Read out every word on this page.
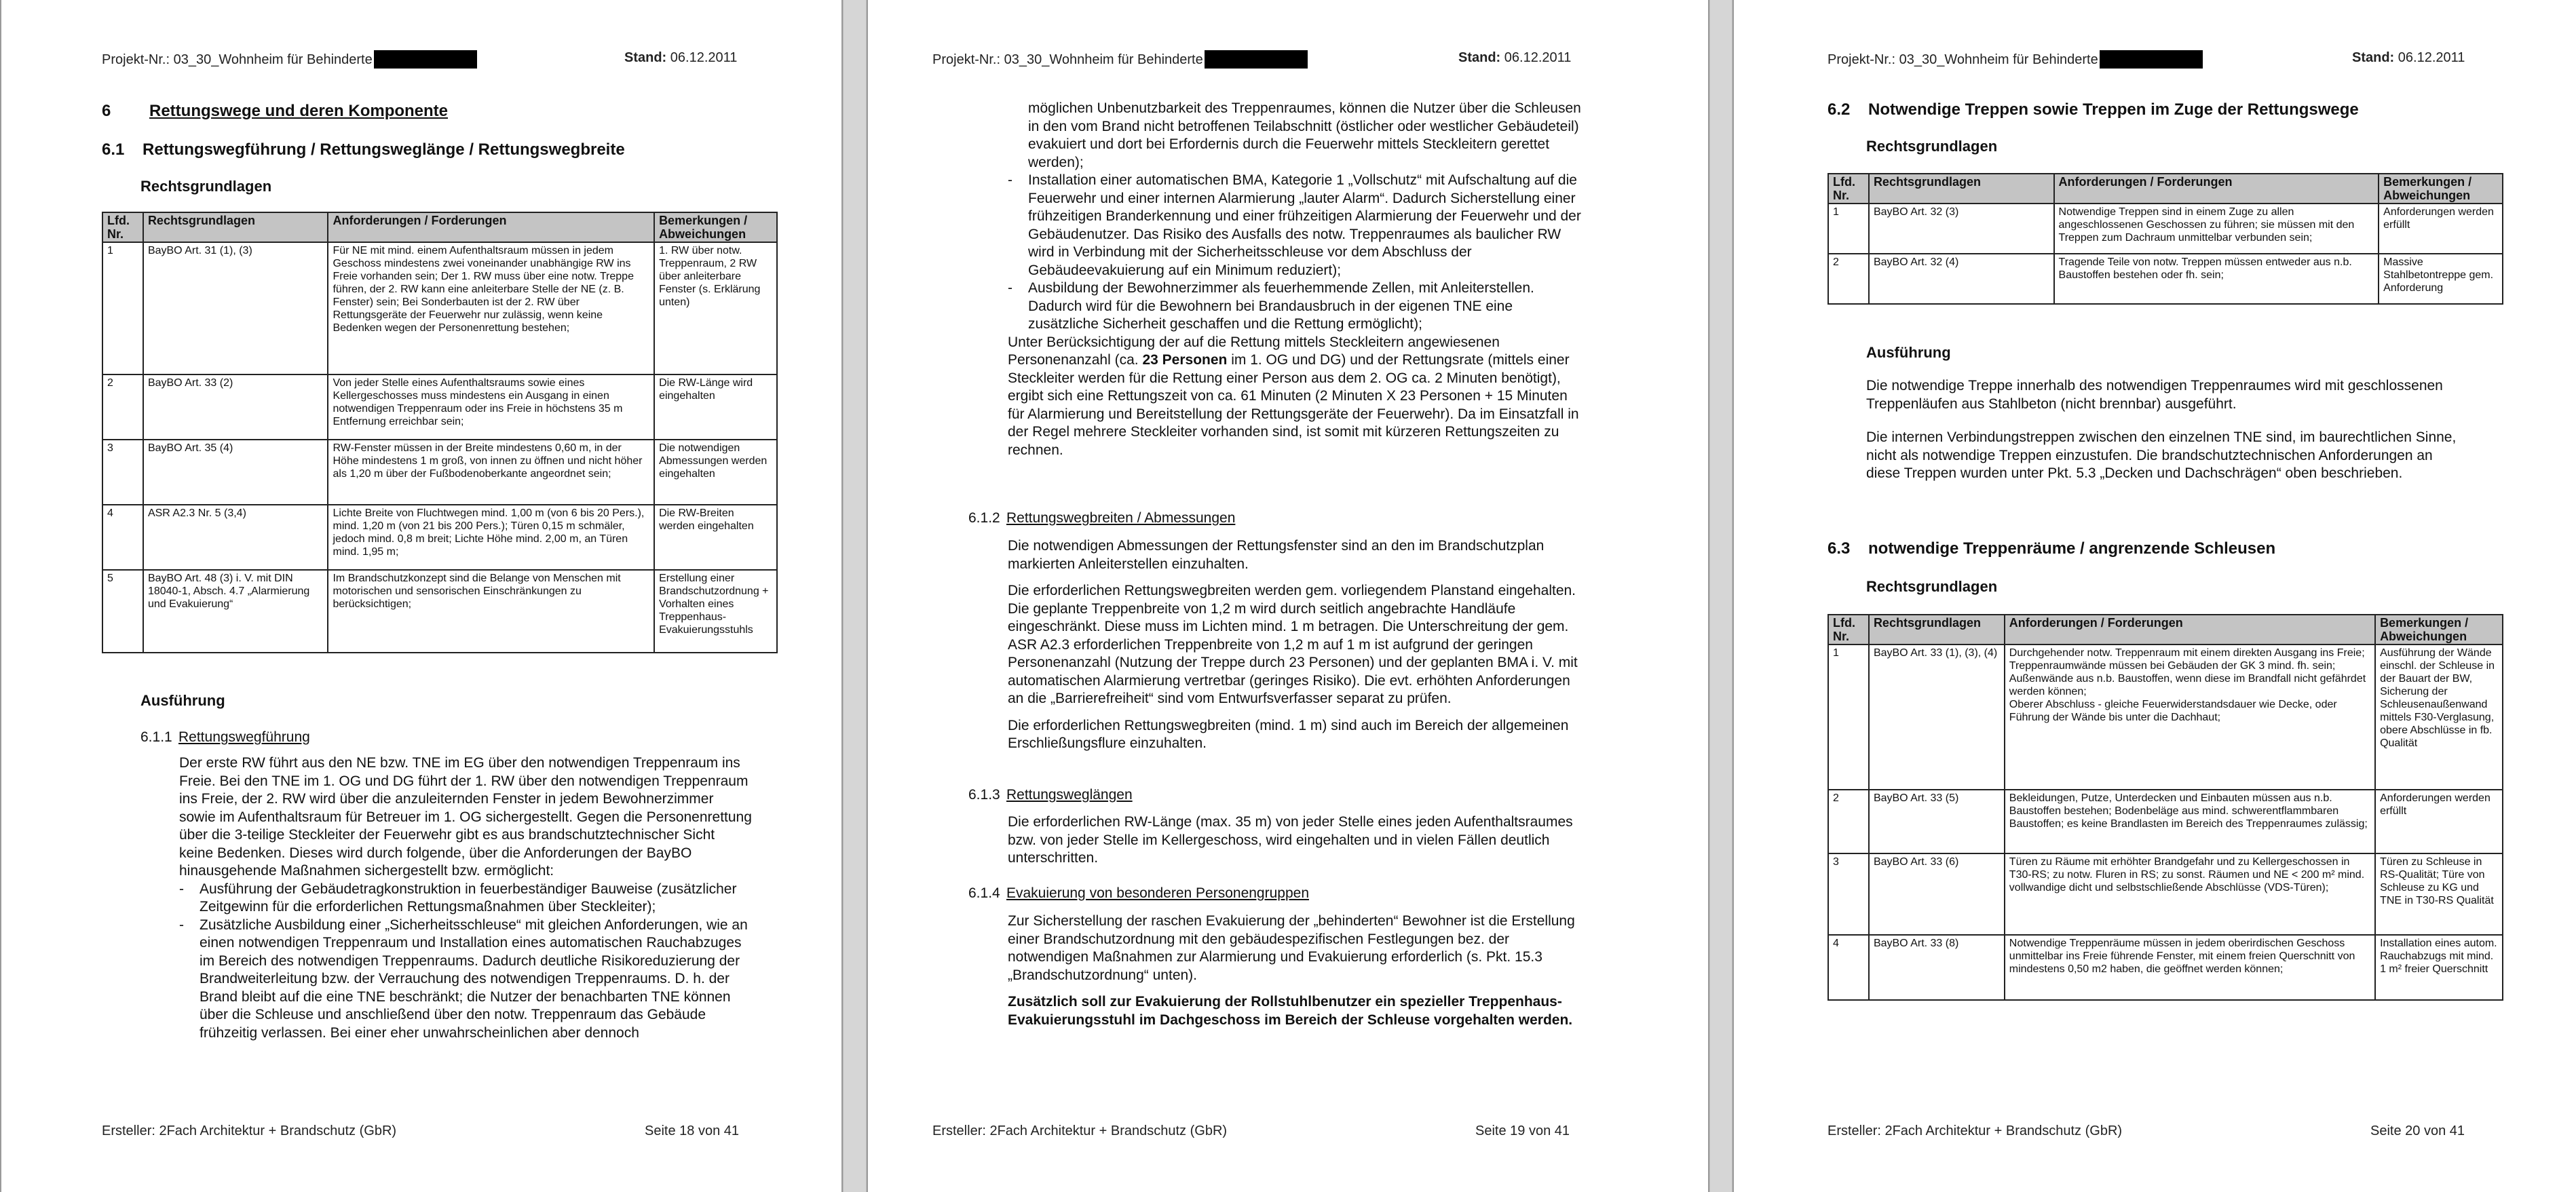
Projekt-Nr.: 03_30_Wohnheim für Behinderte	Stand: 06.12.2011
6 Rettungswege und deren Komponente
6.1 Rettungswegführung / Rettungsweglänge / Rettungswegbreite
Rechtsgrundlagen
Lfd. Nr.	Rechtsgrundlagen	Anforderungen / Forderungen	Bemerkungen / Abweichungen
1	BayBO Art. 31 (1), (3)	Für NE mit mind. einem Aufenthaltsraum müssen in jedem Geschoss mindestens zwei voneinander unabhängige RW ins Freie vorhanden sein; Der 1. RW muss über eine notw. Treppe führen, der 2. RW kann eine anleiterbare Stelle der NE (z. B. Fenster) sein; Bei Sonderbauten ist der 2. RW über Rettungsgeräte der Feuerwehr nur zulässig, wenn keine Bedenken wegen der Personenrettung bestehen;	1. RW über notw. Treppenraum, 2 RW über anleiterbare Fenster (s. Erklärung unten)
2	BayBO Art. 33 (2)	Von jeder Stelle eines Aufenthaltsraums sowie eines Kellergeschosses muss mindestens ein Ausgang in einen notwendigen Treppenraum oder ins Freie in höchstens 35 m Entfernung erreichbar sein;	Die RW-Länge wird eingehalten
3	BayBO Art. 35 (4)	RW-Fenster müssen in der Breite mindestens 0,60 m, in der Höhe mindestens 1 m groß, von innen zu öffnen und nicht höher als 1,20 m über der Fußbodenoberkante angeordnet sein;	Die notwendigen Abmessungen werden eingehalten
4	ASR A2.3 Nr. 5 (3,4)	Lichte Breite von Fluchtwegen mind. 1,00 m (von 6 bis 20 Pers.), mind. 1,20 m (von 21 bis 200 Pers.); Türen 0,15 m schmäler, jedoch mind. 0,8 m breit; Lichte Höhe mind. 2,00 m, an Türen mind. 1,95 m;	Die RW-Breiten werden eingehalten
5	BayBO Art. 48 (3) i. V. mit DIN 18040-1, Absch. 4.7 „Alarmierung und Evakuierung“	Im Brandschutzkonzept sind die Belange von Menschen mit motorischen und sensorischen Einschränkungen zu berücksichtigen;	Erstellung einer Brandschutzordnung + Vorhalten eines Treppenhaus-Evakuierungsstuhls
Ausführung
6.1.1 Rettungswegführung

Der erste RW führt aus den NE bzw. TNE im EG über den notwendigen Treppenraum ins Freie. Bei den TNE im 1. OG und DG führt der 1. RW über den notwendigen Treppenraum ins Freie, der 2. RW wird über die anzuleiternden Fenster in jedem Bewohnerzimmer sowie im Aufenthaltsraum für Betreuer im 1. OG sichergestellt. Gegen die Personenrettung über die 3-teilige Steckleiter der Feuerwehr gibt es aus brandschutztechnischer Sicht keine Bedenken. Dieses wird durch folgende, über die Anforderungen der BayBO hinausgehende Maßnahmen sichergestellt bzw. ermöglicht:

-	Ausführung der Gebäudetragkonstruktion in feuerbeständiger Bauweise (zusätzlicher Zeitgewinn für die erforderlichen Rettungsmaßnahmen über Steckleiter);
-	Zusätzliche Ausbildung einer „Sicherheitsschleuse“ mit gleichen Anforderungen, wie an einen notwendigen Treppenraum und Installation eines automatischen Rauchabzuges im Bereich des notwendigen Treppenraums. Dadurch deutliche Risikoreduzierung der Brandweiterleitung bzw. der Verrauchung des notwendigen Treppenraums. D. h. der Brand bleibt auf die eine TNE beschränkt; die Nutzer der benachbarten TNE können über die Schleuse und anschließend über den notw. Treppenraum das Gebäude frühzeitig verlassen. Bei einer eher unwahrscheinlichen aber dennoch
Ersteller: 2Fach Architektur + Brandschutz (GbR)	Seite 18 von 41
Projekt-Nr.: 03_30_Wohnheim für Behinderte	Stand: 06.12.2011
möglichen Unbenutzbarkeit des Treppenraumes, können die Nutzer über die Schleusen in den vom Brand nicht betroffenen Teilabschnitt (östlicher oder westlicher Gebäudeteil) evakuiert und dort bei Erfordernis durch die Feuerwehr mittels Steckleitern gerettet werden);
-	Installation einer automatischen BMA, Kategorie 1 „Vollschutz“ mit Aufschaltung auf die Feuerwehr und einer internen Alarmierung „lauter Alarm“. Dadurch Sicherstellung einer frühzeitigen Branderkennung und einer frühzeitigen Alarmierung der Feuerwehr und der Gebäudenutzer. Das Risiko des Ausfalls des notw. Treppenraumes als baulicher RW wird in Verbindung mit der Sicherheitsschleuse vor dem Abschluss der Gebäudeevakuierung auf ein Minimum reduziert);
-	Ausbildung der Bewohnerzimmer als feuerhemmende Zellen, mit Anleiterstellen. Dadurch wird für die Bewohnern bei Brandausbruch in der eigenen TNE eine zusätzliche Sicherheit geschaffen und die Rettung ermöglicht);

Unter Berücksichtigung der auf die Rettung mittels Steckleitern angewiesenen Personenanzahl (ca. 23 Personen im 1. OG und DG) und der Rettungsrate (mittels einer Steckleiter werden für die Rettung einer Person aus dem 2. OG ca. 2 Minuten benötigt), ergibt sich eine Rettungszeit von ca. 61 Minuten (2 Minuten X 23 Personen + 15 Minuten für Alarmierung und Bereitstellung der Rettungsgeräte der Feuerwehr). Da im Einsatzfall in der Regel mehrere Steckleiter vorhanden sind, ist somit mit kürzeren Rettungszeiten zu rechnen.

6.1.2 Rettungswegbreiten / Abmessungen

Die notwendigen Abmessungen der Rettungsfenster sind an den im Brandschutzplan markierten Anleiterstellen einzuhalten.

Die erforderlichen Rettungswegbreiten werden gem. vorliegendem Planstand eingehalten. Die geplante Treppenbreite von 1,2 m wird durch seitlich angebrachte Handläufe eingeschränkt. Diese muss im Lichten mind. 1 m betragen. Die Unterschreitung der gem. ASR A2.3 erforderlichen Treppenbreite von 1,2 m auf 1 m ist aufgrund der geringen Personenanzahl (Nutzung der Treppe durch 23 Personen) und der geplanten BMA i. V. mit automatischen Alarmierung vertretbar (geringes Risiko). Die evt. erhöhten Anforderungen an die „Barrierefreiheit“ sind vom Entwurfsverfasser separat zu prüfen.

Die erforderlichen Rettungswegbreiten (mind. 1 m) sind auch im Bereich der allgemeinen Erschließungsflure einzuhalten.

6.1.3 Rettungsweglängen
Die erforderlichen RW-Länge (max. 35 m) von jeder Stelle eines jeden Aufenthaltsraumes bzw. von jeder Stelle im Kellergeschoss, wird eingehalten und in vielen Fällen deutlich unterschritten.
6.1.4 Evakuierung von besonderen Personengruppen

Zur Sicherstellung der raschen Evakuierung der „behinderten“ Bewohner ist die Erstellung einer Brandschutzordnung mit den gebäudespezifischen Festlegungen bez. der notwendigen Maßnahmen zur Alarmierung und Evakuierung erforderlich (s. Pkt. 15.3 „Brandschutzordnung“ unten).

Zusätzlich soll zur Evakuierung der Rollstuhlbenutzer ein spezieller Treppenhaus-Evakuierungsstuhl im Dachgeschoss im Bereich der Schleuse vorgehalten werden.

Ersteller: 2Fach Architektur + Brandschutz (GbR)	Seite 19 von 41
Projekt-Nr.: 03_30_Wohnheim für Behinderte	Stand: 06.12.2011
6.2 Notwendige Treppen sowie Treppen im Zuge der Rettungswege
Rechtsgrundlagen
Lfd. Nr.	Rechtsgrundlagen	Anforderungen / Forderungen	Bemerkungen / Abweichungen
1	BayBO Art. 32 (3)	Notwendige Treppen sind in einem Zuge zu allen angeschlossenen Geschossen zu führen; sie müssen mit den Treppen zum Dachraum unmittelbar verbunden sein;	Anforderungen werden erfüllt
2	BayBO Art. 32 (4)	Tragende Teile von notw. Treppen müssen entweder aus n.b. Baustoffen bestehen oder fh. sein;	Massive Stahlbetontreppe gem. Anforderung
Ausführung

Die notwendige Treppe innerhalb des notwendigen Treppenraumes wird mit geschlossenen Treppenläufen aus Stahlbeton (nicht brennbar) ausgeführt.

Die internen Verbindungstreppen zwischen den einzelnen TNE sind, im baurechtlichen Sinne, nicht als notwendige Treppen einzustufen. Die brandschutztechnischen Anforderungen an diese Treppen wurden unter Pkt. 5.3 „Decken und Dachschrägen“ oben beschrieben.

6.3 notwendige Treppenräume / angrenzende Schleusen
Rechtsgrundlagen
Lfd. Nr.	Rechtsgrundlagen	Anforderungen / Forderungen	Bemerkungen / Abweichungen
1	BayBO Art. 33 (1), (3), (4)	Durchgehender notw. Treppenraum mit einem direkten Ausgang ins Freie;
Treppenraumwände müssen bei Gebäuden der GK 3 mind. fh. sein; Außenwände aus n.b. Baustoffen, wenn diese im Brandfall nicht gefährdet werden können;
Oberer Abschluss - gleiche Feuerwiderstandsdauer wie Decke, oder Führung der Wände bis unter die Dachhaut;	Ausführung der Wände einschl. der Schleuse in der Bauart der BW, Sicherung der Schleusenaußenwand mittels F30-Verglasung, obere Abschlüsse in fb. Qualität
2	BayBO Art. 33 (5)	Bekleidungen, Putze, Unterdecken und Einbauten müssen aus n.b. Baustoffen bestehen; Bodenbeläge aus mind. schwerentflammbaren Baustoffen; es keine Brandlasten im Bereich des Treppenraumes zulässig;	Anforderungen werden erfüllt
3	BayBO Art. 33 (6)	Türen zu Räume mit erhöhter Brandgefahr und zu Kellergeschossen in T30-RS; zu notw. Fluren in RS; zu sonst. Räumen und NE < 200 m² mind. vollwandige dicht und selbstschließende Abschlüsse (VDS-Türen);	Türen zu Schleuse in RS-Qualität; Türe von Schleuse zu KG und TNE in T30-RS Qualität
4	BayBO Art. 33 (8)	Notwendige Treppenräume müssen in jedem oberirdischen Geschoss unmittelbar ins Freie führende Fenster, mit einem freien Querschnitt von mindestens 0,50 m2 haben, die geöffnet werden können;	Installation eines autom. Rauchabzugs mit mind. 1 m² freier Querschnitt
Ersteller: 2Fach Architektur + Brandschutz (GbR)	Seite 20 von 41
